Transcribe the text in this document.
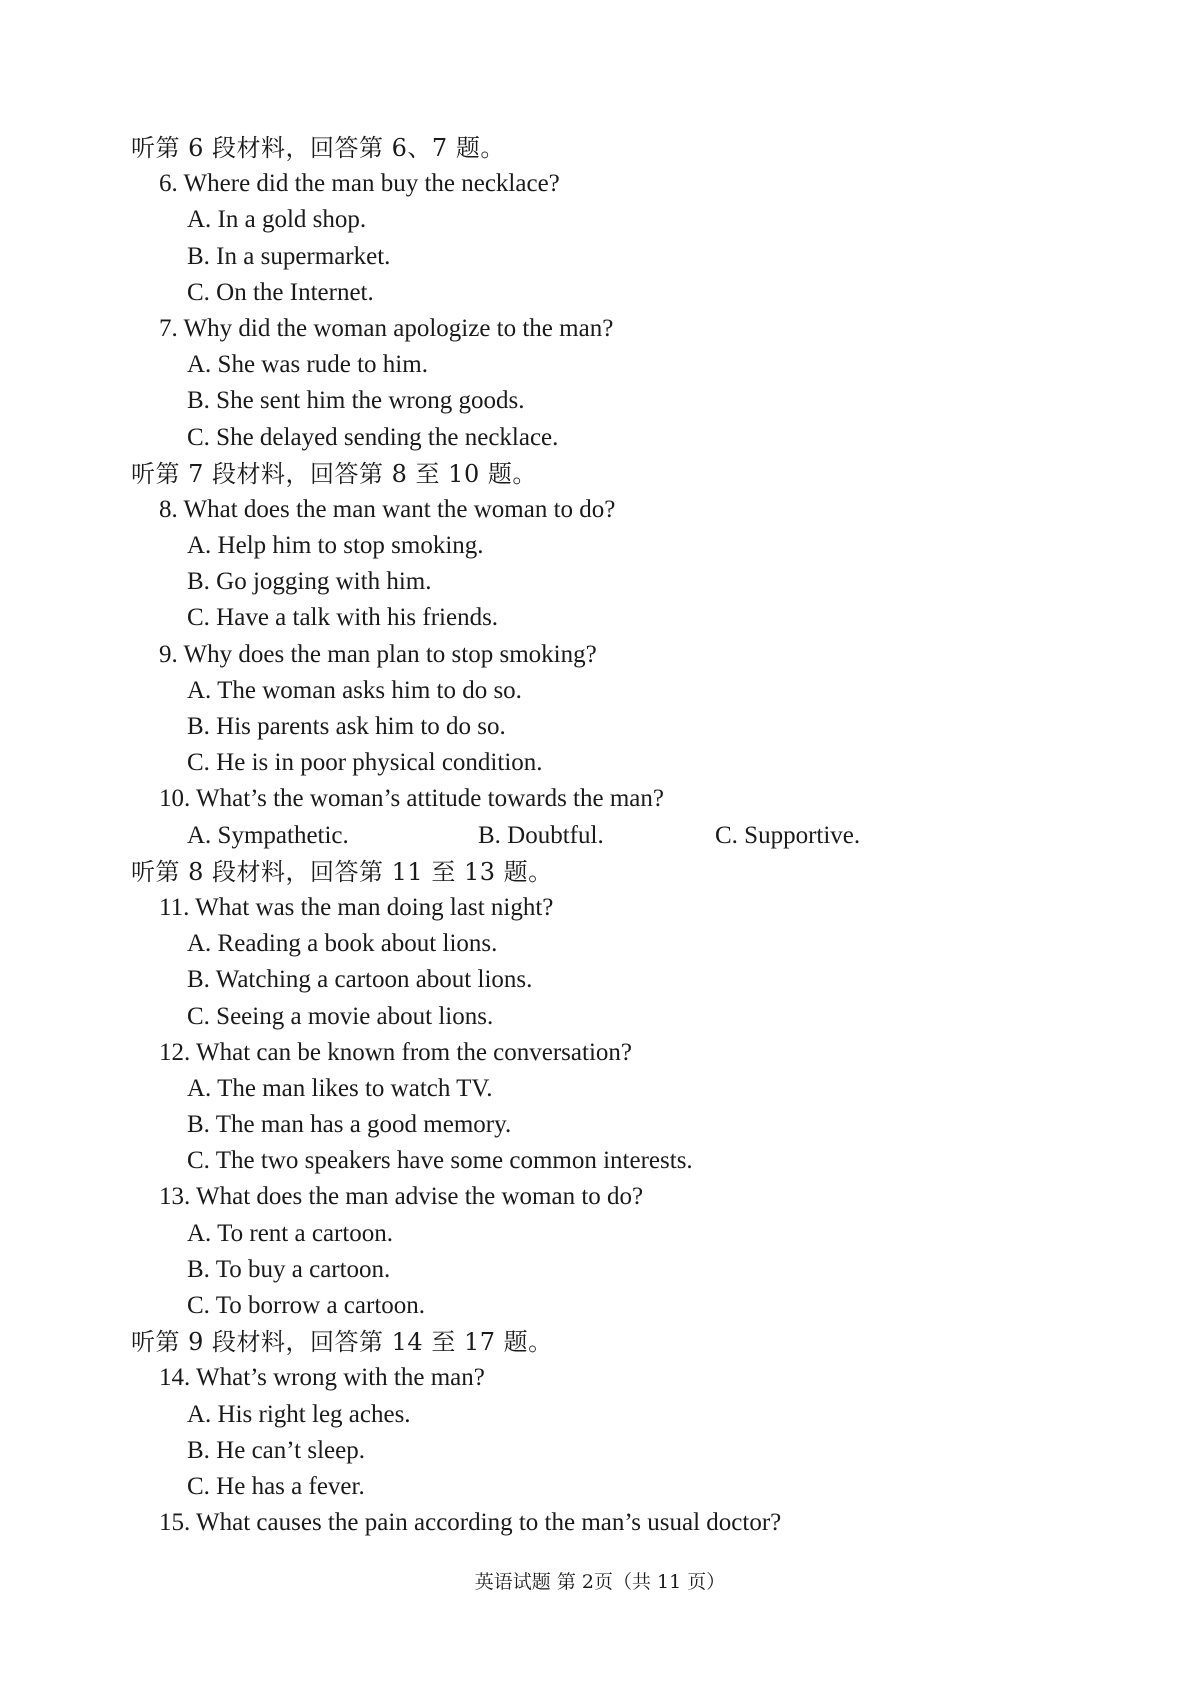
听第 6 段材料，回答第 6、7 题。
6. Where did the man buy the necklace?
A. In a gold shop.
B. In a supermarket.
C. On the Internet.
7. Why did the woman apologize to the man?
A. She was rude to him.
B. She sent him the wrong goods.
C. She delayed sending the necklace.
听第 7 段材料，回答第 8 至 10 题。
8. What does the man want the woman to do?
A. Help him to stop smoking.
B. Go jogging with him.
C. Have a talk with his friends.
9. Why does the man plan to stop smoking?
A. The woman asks him to do so.
B. His parents ask him to do so.
C. He is in poor physical condition.
10. What’s the woman’s attitude towards the man?
A. Sympathetic.	B. Doubtful.	C. Supportive.
听第 8 段材料，回答第 11 至 13 题。
11. What was the man doing last night?
A. Reading a book about lions.
B. Watching a cartoon about lions.
C. Seeing a movie about lions.
12. What can be known from the conversation?
A. The man likes to watch TV.
B. The man has a good memory.
C. The two speakers have some common interests.
13. What does the man advise the woman to do?
A. To rent a cartoon.
B. To buy a cartoon.
C. To borrow a cartoon.
听第 9 段材料，回答第 14 至 17 题。
14. What’s wrong with the man?
A. His right leg aches.
B. He can’t sleep.
C. He has a fever.
15. What causes the pain according to the man’s usual doctor?
英语试题 第 2页（共 11 页）
